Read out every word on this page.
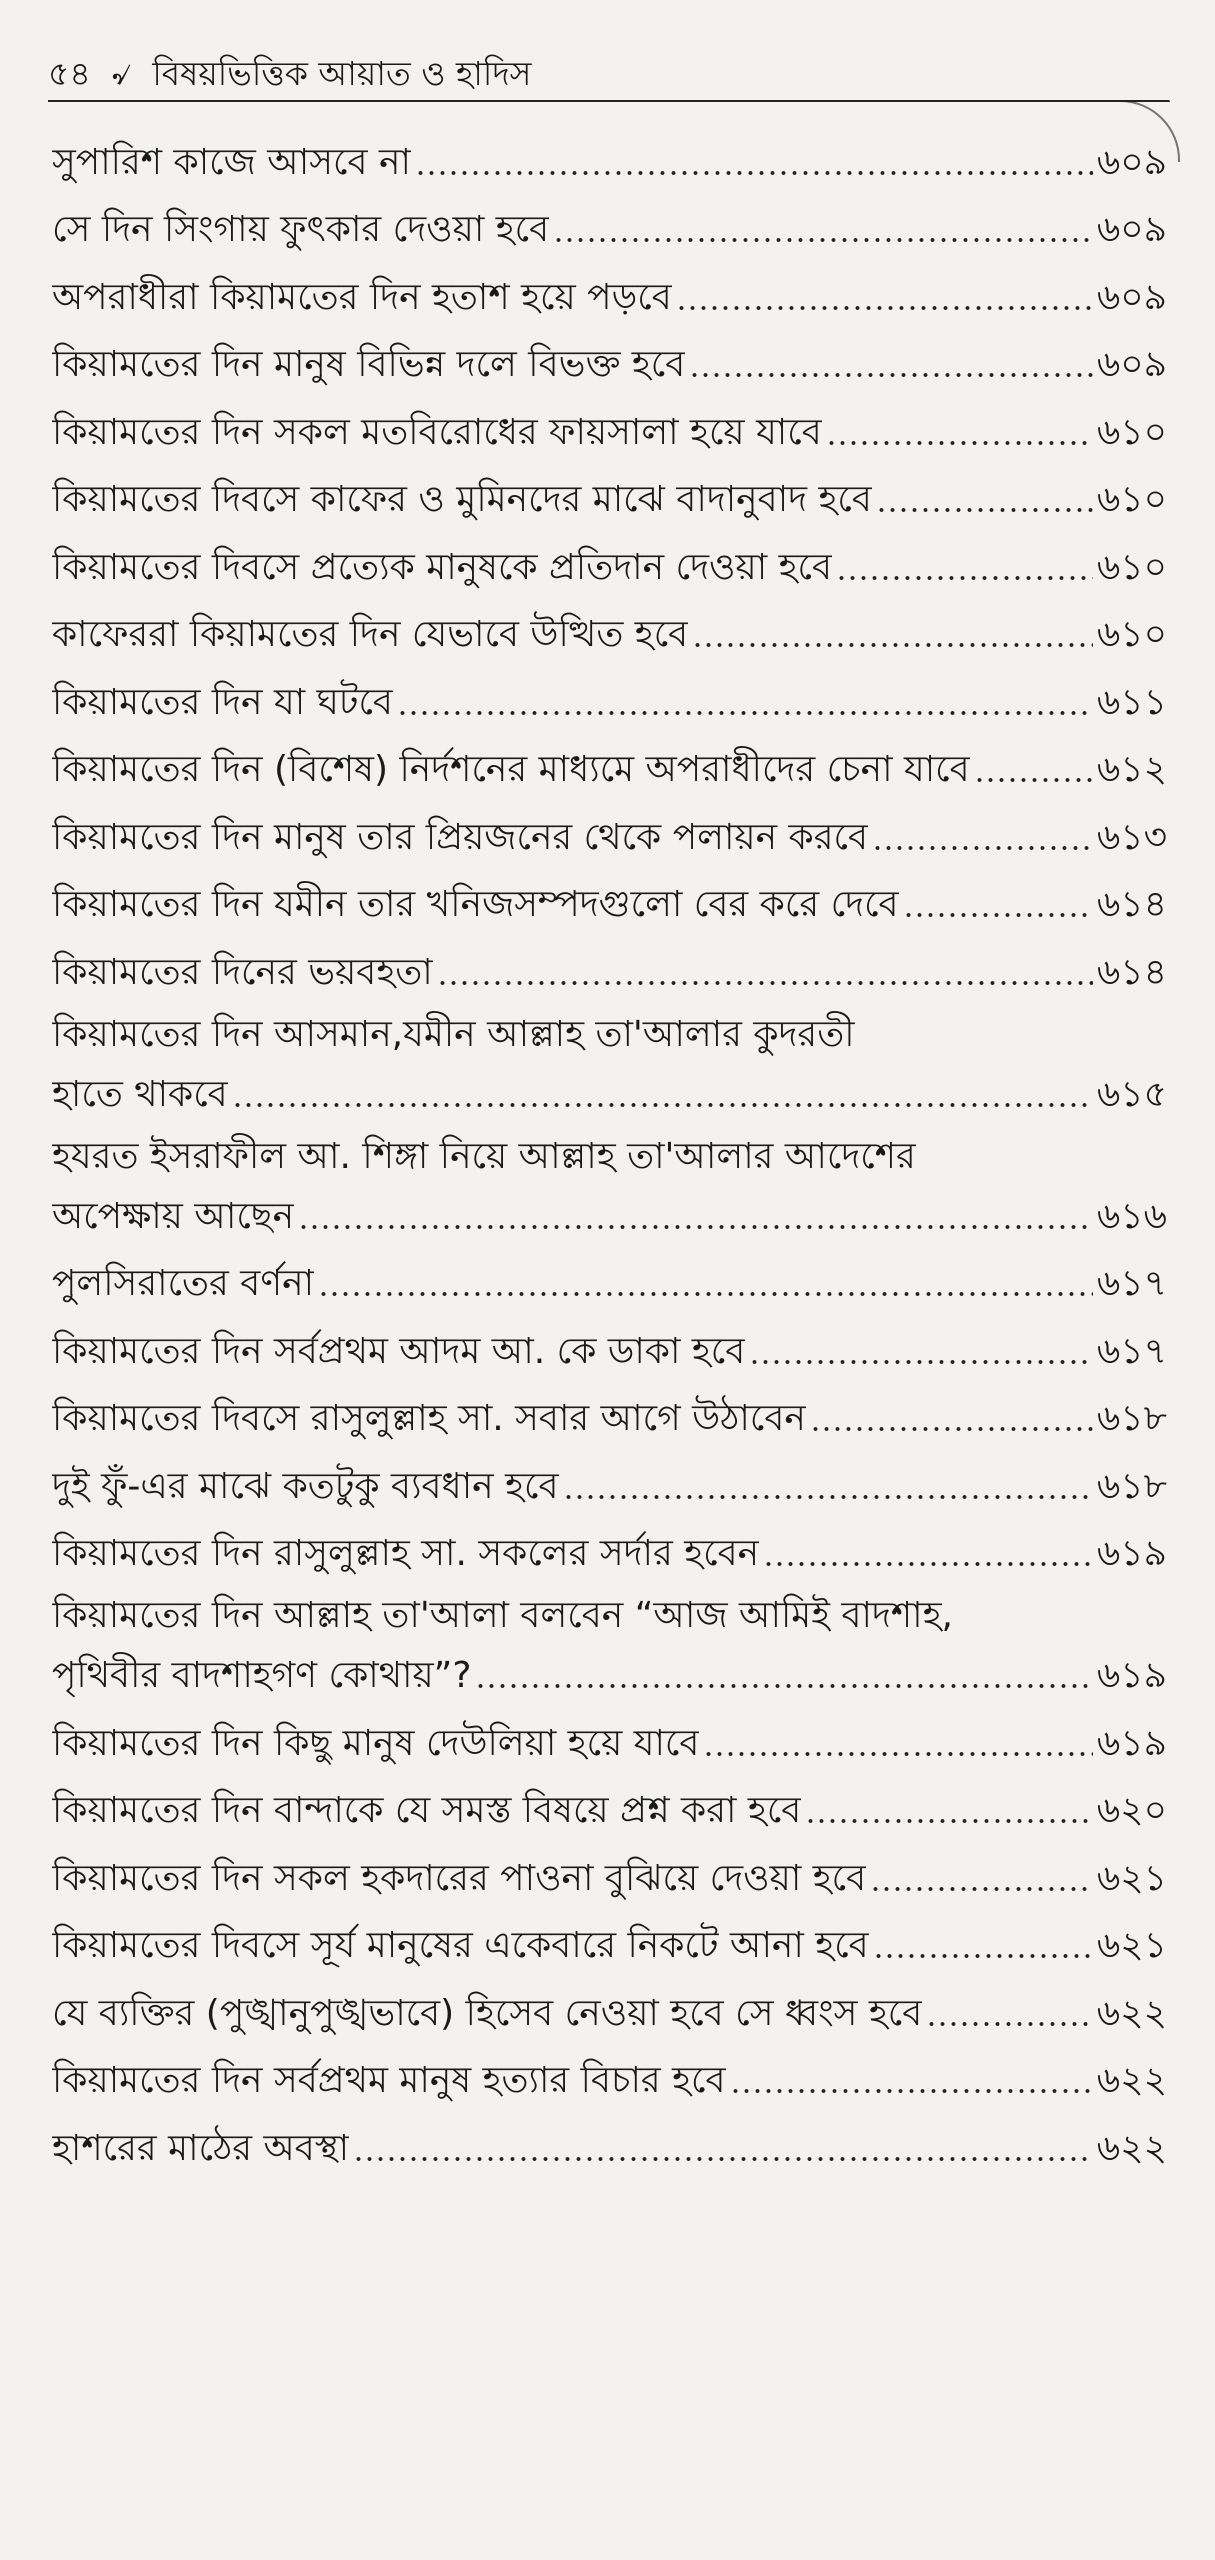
৫৪ ৵ বিষয়ভিত্তিক আয়াত ও হাদিস
সুপারিশ কাজে আসবে না	৬০৯
সে দিন সিংগায় ফুৎকার দেওয়া হবে	৬০৯
অপরাধীরা কিয়ামতের দিন হতাশ হয়ে পড়বে	৬০৯
কিয়ামতের দিন মানুষ বিভিন্ন দলে বিভক্ত হবে	৬০৯
কিয়ামতের দিন সকল মতবিরোধের ফায়সালা হয়ে যাবে	৬১০
কিয়ামতের দিবসে কাফের ও মুমিনদের মাঝে বাদানুবাদ হবে	৬১০
কিয়ামতের দিবসে প্রত্যেক মানুষকে প্রতিদান দেওয়া হবে	৬১০
কাফেররা কিয়ামতের দিন যেভাবে উত্থিত হবে	৬১০
কিয়ামতের দিন যা ঘটবে	৬১১
কিয়ামতের দিন (বিশেষ) নির্দশনের মাধ্যমে অপরাধীদের চেনা যাবে	৬১২
কিয়ামতের দিন মানুষ তার প্রিয়জনের থেকে পলায়ন করবে	৬১৩
কিয়ামতের দিন যমীন তার খনিজসম্পদগুলো বের করে দেবে	৬১৪
কিয়ামতের দিনের ভয়বহতা	৬১৪
কিয়ামতের দিন আসমান,যমীন আল্লাহ তা'আলার কুদরতী
হাতে থাকবে	৬১৫
হযরত ইসরাফীল আ. শিঙ্গা নিয়ে আল্লাহ তা'আলার আদেশের
অপেক্ষায় আছেন	৬১৬
পুলসিরাতের বর্ণনা	৬১৭
কিয়ামতের দিন সর্বপ্রথম আদম আ. কে ডাকা হবে	৬১৭
কিয়ামতের দিবসে রাসুলুল্লাহ সা. সবার আগে উঠাবেন	৬১৮
দুই ফুঁ-এর মাঝে কতটুকু ব্যবধান হবে	৬১৮
কিয়ামতের দিন রাসুলুল্লাহ সা. সকলের সর্দার হবেন	৬১৯
কিয়ামতের দিন আল্লাহ তা'আলা বলবেন “আজ আমিই বাদশাহ,
পৃথিবীর বাদশাহগণ কোথায়”?	৬১৯
কিয়ামতের দিন কিছু মানুষ দেউলিয়া হয়ে যাবে	৬১৯
কিয়ামতের দিন বান্দাকে যে সমস্ত বিষয়ে প্রশ্ন করা হবে	৬২০
কিয়ামতের দিন সকল হকদারের পাওনা বুঝিয়ে দেওয়া হবে	৬২১
কিয়ামতের দিবসে সূর্য মানুষের একেবারে নিকটে আনা হবে	৬২১
যে ব্যক্তির (পুঙ্খানুপুঙ্খভাবে) হিসেব নেওয়া হবে সে ধ্বংস হবে	৬২২
কিয়ামতের দিন সর্বপ্রথম মানুষ হত্যার বিচার হবে	৬২২
হাশরের মাঠের অবস্থা	৬২২
